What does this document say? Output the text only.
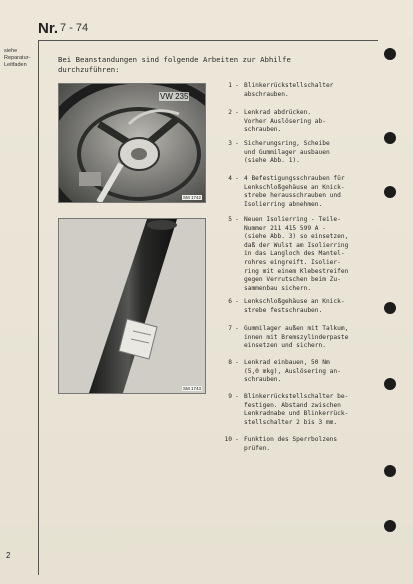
Nr. 7 - 74
siehe
Reparatur-
Leitfaden
Bei Beanstandungen sind folgende Arbeiten zur Abhilfe
durchzuführen:
VW 235
SM 1742
SM 1743
1 - Blinkerrückstellschalter
abschrauben.
2 - Lenkrad abdrücken.
Vorher Auslösering ab-
schrauben.
3 - Sicherungsring, Scheibe
und Gummilager ausbauen
(siehe Abb. 1).
4 - 4 Befestigungsschrauben für
Lenkschloßgehäuse an Knick-
strebe herausschrauben und
Isolierring abnehmen.
5 - Neuen Isolierring - Teile-
Nummer 211 415 599 A -
(siehe Abb. 3) so einsetzen,
daß der Wulst am Isolierring
in das Langloch des Mantel-
rohres eingreift. Isolier-
ring mit einem Klebestreifen
gegen Verrutschen beim Zu-
sammenbau sichern.
6 - Lenkschloßgehäuse an Knick-
strebe festschrauben.
7 - Gummilager außen mit Talkum,
innen mit Bremszylinderpaste
einsetzen und sichern.
8 - Lenkrad einbauen, 50 Nm
(5,0 mkg), Auslösering an-
schrauben.
9 - Blinkerrückstellschalter be-
festigen. Abstand zwischen
Lenkradnabe und Blinkerrück-
stellschalter 2 bis 3 mm.
10 - Funktion des Sperrbolzens
prüfen.
2
